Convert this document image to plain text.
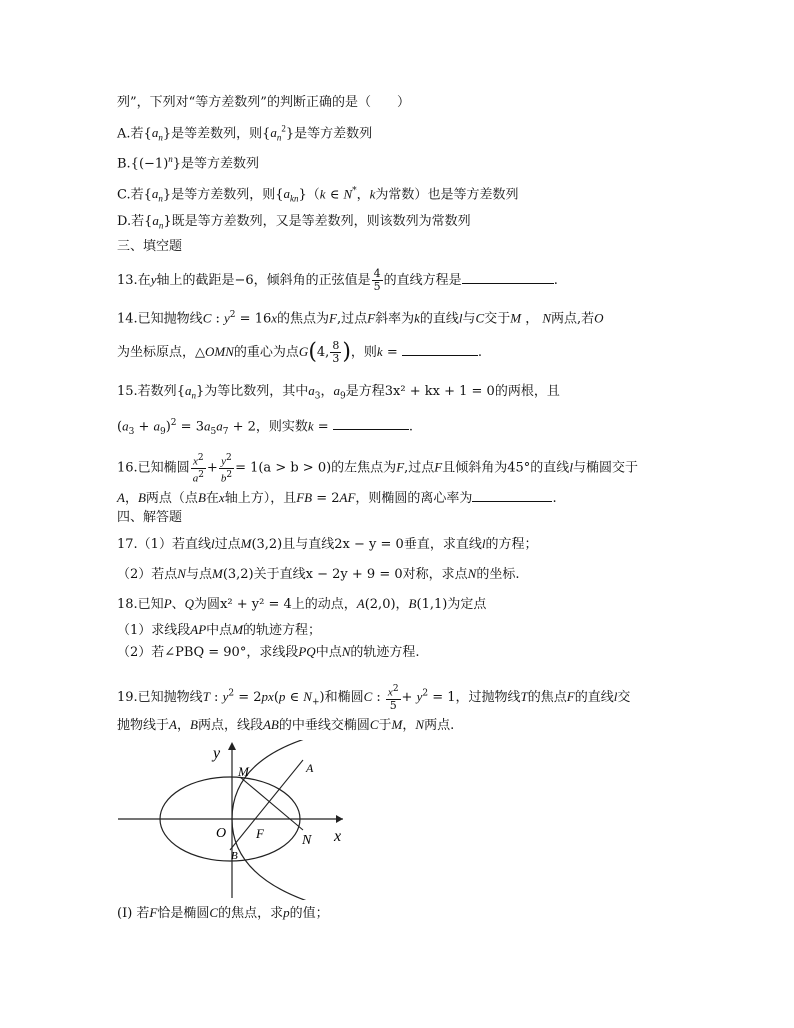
列”，下列对“等方差数列”的判断正确的是（　　）
A.若$\{a_n\}$是等差数列，则$\{a_n^2\}$是等方差数列
$B.\{(-1)^n\}$是等方差数列
C.若$\{a_n\}$是等方差数列，则$\{a_{kn}\}(k$ ∈ N*，k为常数）也是等方差数列
D.若$\{a_n\}$既是等方差数列，又是等差数列，则该数列为常数列
三、填空题
13.在y轴上的截距是−6，倾斜角的正弦值是 $\frac{4}{5}$ 的直线方程是	.
14.已知抛物线C : $y^2 = 16x$的焦点为F,过点F斜率为k的直线l与C交于M ， N两点,若O
为坐标原点，△OMN的重心为点G(4, $\frac{8}{3}$ )，则k =	.
15.若数列$\{a_n\}$为等比数列，其中$a_3$，$a_9$是方程3x² + kx + 1 = 0的两根，且
$(a_3 + a_9)^2 = 3a_5a_7 + 2$，则实数k =	.
16.已知椭圆 $\frac{x^2}{a^2} + \frac{y^2}{b^2} = 1(a > b > 0)$的左焦点为F,过点F且倾斜角为45°的直线l与椭圆交于
A，B两点（点B在x轴上方），且FB = 2AF，则椭圆的离心率为	.
四、解答题
17.（1）若直线l过点M(3,2)且与直线2x − y = 0垂直，求直线l的方程；
（2）若点N与点M(3,2)关于直线x − 2y + 9 = 0对称，求点N的坐标.
18.已知P、Q为圆x² + y² = 4上的动点，A(2,0)，B(1,1)为定点
（1）求线段AP中点M的轨迹方程；
（2）若∠PBQ = 90°，求线段PQ中点N的轨迹方程.
19.已知抛物线T : $y^2 = 2px(p$ ∈ $N_+$)和椭圆C : $\frac{x^2}{5} + y^2 = 1$，过抛物线T的焦点F的直线l交
抛物线于A，B两点，线段AB的中垂线交椭圆C于M，N两点.
y
x
O F	N
M	A
B
(I) 若F恰是椭圆C的焦点，求p的值；
